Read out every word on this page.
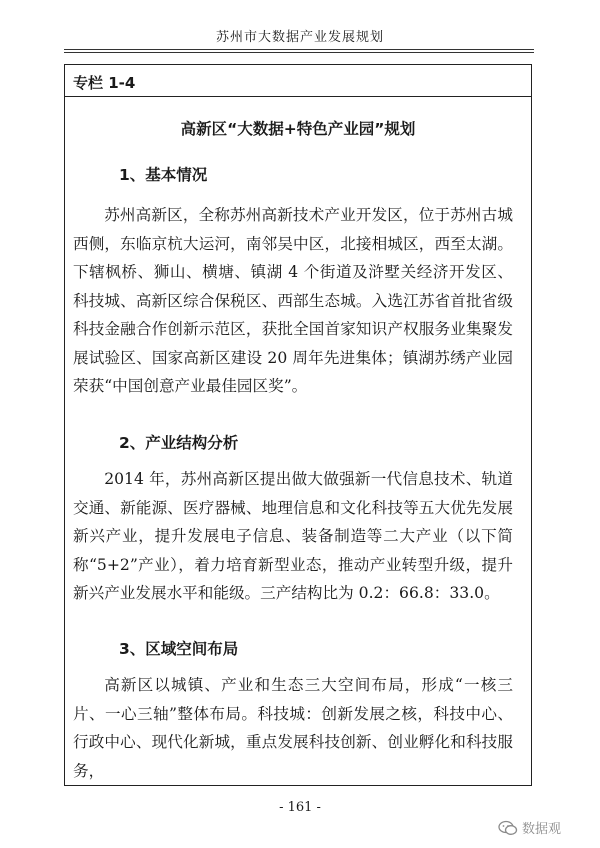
苏州市大数据产业发展规划
专栏 1-4
高新区“大数据+特色产业园”规划
1、基本情况

苏州高新区，全称苏州高新技术产业开发区，位于苏州古城西侧，东临京杭大运河，南邻吴中区，北接相城区，西至太湖。下辖枫桥、狮山、横塘、镇湖 4 个街道及浒墅关经济开发区、科技城、高新区综合保税区、西部生态城。入选江苏省首批省级科技金融合作创新示范区，获批全国首家知识产权服务业集聚发展试验区、国家高新区建设 20 周年先进集体；镇湖苏绣产业园荣获“中国创意产业最佳园区奖”。

2、产业结构分析

2014 年，苏州高新区提出做大做强新一代信息技术、轨道交通、新能源、医疗器械、地理信息和文化科技等五大优先发展新兴产业，提升发展电子信息、装备制造等二大产业（以下简称“5+2”产业），着力培育新型业态，推动产业转型升级，提升新兴产业发展水平和能级。三产结构比为 0.2：66.8：33.0。

3、区域空间布局

高新区以城镇、产业和生态三大空间布局，形成“一核三片、一心三轴”整体布局。科技城：创新发展之核，科技中心、行政中心、现代化新城，重点发展科技创新、创业孵化和科技服务，

- 161 -
数据观
